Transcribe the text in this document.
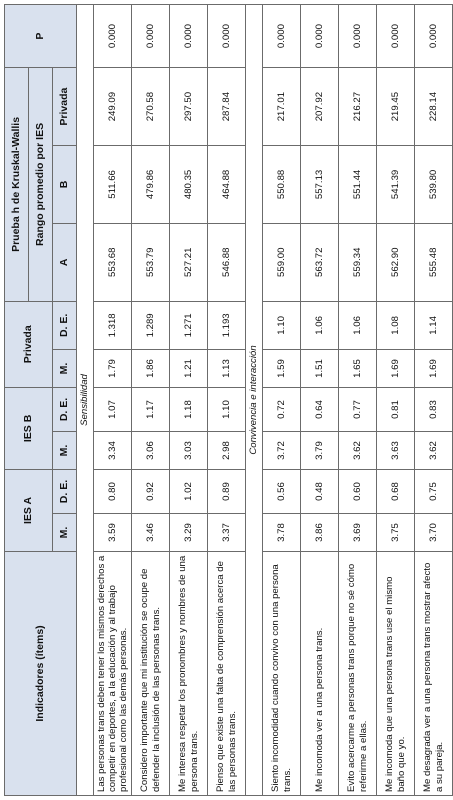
Indicadores (ítems)	IES A		IES B		Privada		Prueba h de Kruskal-Wallis			P
							Rango promedio por IES			
	M.	D. E.	M.	D. E.	M.	D. E.	A	B	Privada	
Sensibilidad										
Las personas trans deben tener los mismos derechos a competir en deportes, a la educación y al trabajo profesional como las demás personas.	3.59	0.80	3.34	1.07	1.79	1.318	553.68	511.66	249.09	0.000
Considero importante que mi institución se ocupe de defender la inclusión de las personas trans.	3.46	0.92	3.06	1.17	1.86	1.289	553.79	479.86	270.58	0.000
Me interesa respetar los pronombres y nombres de una persona trans.	3.29	1.02	3.03	1.18	1.21	1.271	527.21	480.35	297.50	0.000
Pienso que existe una falta de comprensión acerca de las personas trans.	3.37	0.89	2.98	1.10	1.13	1.193	546.88	464.88	287.84	0.000
Convivencia e interacción										
Siento incomodidad cuando convivo con una persona trans.	3.78	0.56	3.72	0.72	1.59	1.10	559.00	550.88	217.01	0.000
Me incomoda ver a una persona trans.	3.86	0.48	3.79	0.64	1.51	1.06	563.72	557.13	207.92	0.000
Evito acercarme a personas trans porque no sé cómo referirme a ellas.	3.69	0.60	3.62	0.77	1.65	1.06	559.34	551.44	216.27	0.000
Me incomoda que una persona trans use el mismo baño que yo.	3.75	0.68	3.63	0.81	1.69	1.08	562.90	541.39	219.45	0.000
Me desagrada ver a una persona trans mostrar afecto a su pareja.	3.70	0.75	3.62	0.83	1.69	1.14	555.48	539.80	228.14	0.000
